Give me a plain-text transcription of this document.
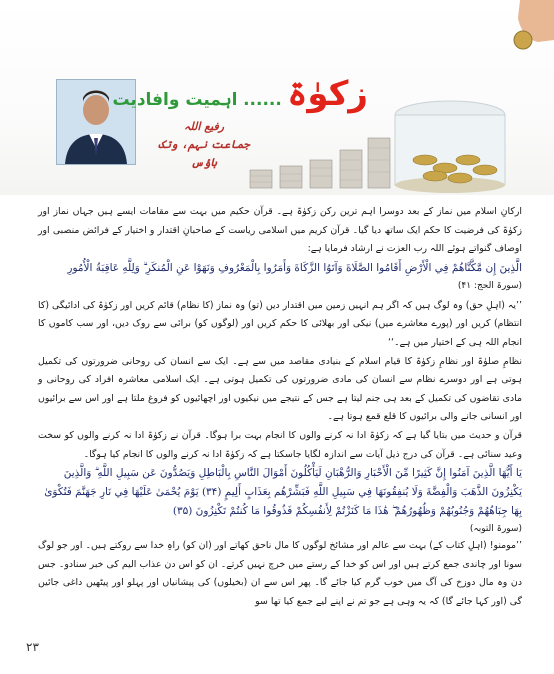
زکوٰۃ ...... اہمیت وافادیت
رفیع اللہ
جماعت نہم، وتک ہاؤس

ارکانِ اسلام میں نماز کے بعد دوسرا اہم ترین رکن زکوٰۃ ہے۔ قرآن حکیم میں بہت سے مقامات ایسے ہیں جہاں نماز اور زکوٰۃ کی فرضیت کا حکم ایک ساتھ دیا گیا۔ قرآن کریم میں اسلامی ریاست کے صاحبانِ اقتدار و اختیار کے فرائض منصبی اور اوصاف گنواتے ہوئے اللہ رب العزت نے ارشاد فرمایا ہے:

الَّذِينَ إِن مَّكَّنَّاهُمْ فِي الْأَرْضِ أَقَامُوا الصَّلَاةَ وَآتَوُا الزَّكَاةَ وَأَمَرُوا بِالْمَعْرُوفِ وَنَهَوْا عَنِ الْمُنكَرِ ۗ وَلِلَّهِ عَاقِبَةُ الْأُمُورِ

(سورۃ الحج: ۴۱)

’’یہ (اہلِ حق) وہ لوگ ہیں کہ اگر ہم انہیں زمین میں اقتدار دیں (تو) وہ نماز (کا نظام) قائم کریں اور زکوٰۃ کی ادائیگی (کا انتظام) کریں اور (پورے معاشرے میں) نیکی اور بھلائی کا حکم کریں اور (لوگوں کو) برائی سے روک دیں، اور سب کاموں کا انجام اللہ ہی کے اختیار میں ہے۔‘‘

نظامِ صلوٰۃ اور نظامِ زکوٰۃ کا قیام اسلام کے بنیادی مقاصد میں سے ہے۔ ایک سے انسان کی روحانی ضرورتوں کی تکمیل ہوتی ہے اور دوسرے نظام سے انسان کی مادی ضرورتوں کی تکمیل ہوتی ہے۔ ایک اسلامی معاشرہ افراد کی روحانی و مادی تقاضوں کی تکمیل کے بعد ہی جنم لیتا ہے جس کے نتیجے میں نیکیوں اور اچھائیوں کو فروغ ملتا ہے اور اس سے برائیوں اور انسانی جانے والی برائیوں کا قلع قمع ہوتا ہے۔

قرآن و حدیث میں بتایا گیا ہے کہ زکوٰۃ ادا نہ کرنے والوں کا انجام بہت برا ہوگا۔ قرآن نے زکوٰۃ ادا نہ کرنے والوں کو سخت وعید سنائی ہے۔ قرآن کی درج ذیل آیات سے اندازہ لگایا جاسکتا ہے کہ زکوٰۃ ادا نہ کرنے والوں کا انجام کیا ہوگا۔

يَا أَيُّهَا الَّذِينَ آمَنُوا إِنَّ كَثِيرًا مِّنَ الْأَحْبَارِ وَالرُّهْبَانِ لَيَأْكُلُونَ أَمْوَالَ النَّاسِ بِالْبَاطِلِ وَيَصُدُّونَ عَن سَبِيلِ اللَّهِ ۗ وَالَّذِينَ يَكْنِزُونَ الذَّهَبَ وَالْفِضَّةَ وَلَا يُنفِقُونَهَا فِي سَبِيلِ اللَّهِ فَبَشِّرْهُم بِعَذَابٍ أَلِيمٍ (۳۴) يَوْمَ يُحْمَىٰ عَلَيْهَا فِي نَارِ جَهَنَّمَ فَتُكْوَىٰ بِهَا جِبَاهُهُمْ وَجُنُوبُهُمْ وَظُهُورُهُمْ ۖ هَٰذَا مَا كَنَزْتُمْ لِأَنفُسِكُمْ فَذُوقُوا مَا كُنتُمْ تَكْنِزُونَ (۳۵)

(سورۃ التوبہ)

’’مومنو! (اہلِ کتاب کے) بہت سے عالم اور مشائخ لوگوں کا مال ناحق کھاتے اور (ان کو) راہِ خدا سے روکتے ہیں۔ اور جو لوگ سونا اور چاندی جمع کرتے ہیں اور اس کو خدا کے رستے میں خرچ نہیں کرتے۔ ان کو اس دن عذاب الیم کی خبر سنادو۔ جس دن وہ مال دوزخ کی آگ میں خوب گرم کیا جائے گا۔ پھر اس سے ان (بخیلوں) کی پیشانیاں اور پہلو اور پیٹھیں داغی جائیں گی (اور کہا جائے گا) کہ یہ وہی ہے جو تم نے اپنے لیے جمع کیا تھا سو

۲۳
